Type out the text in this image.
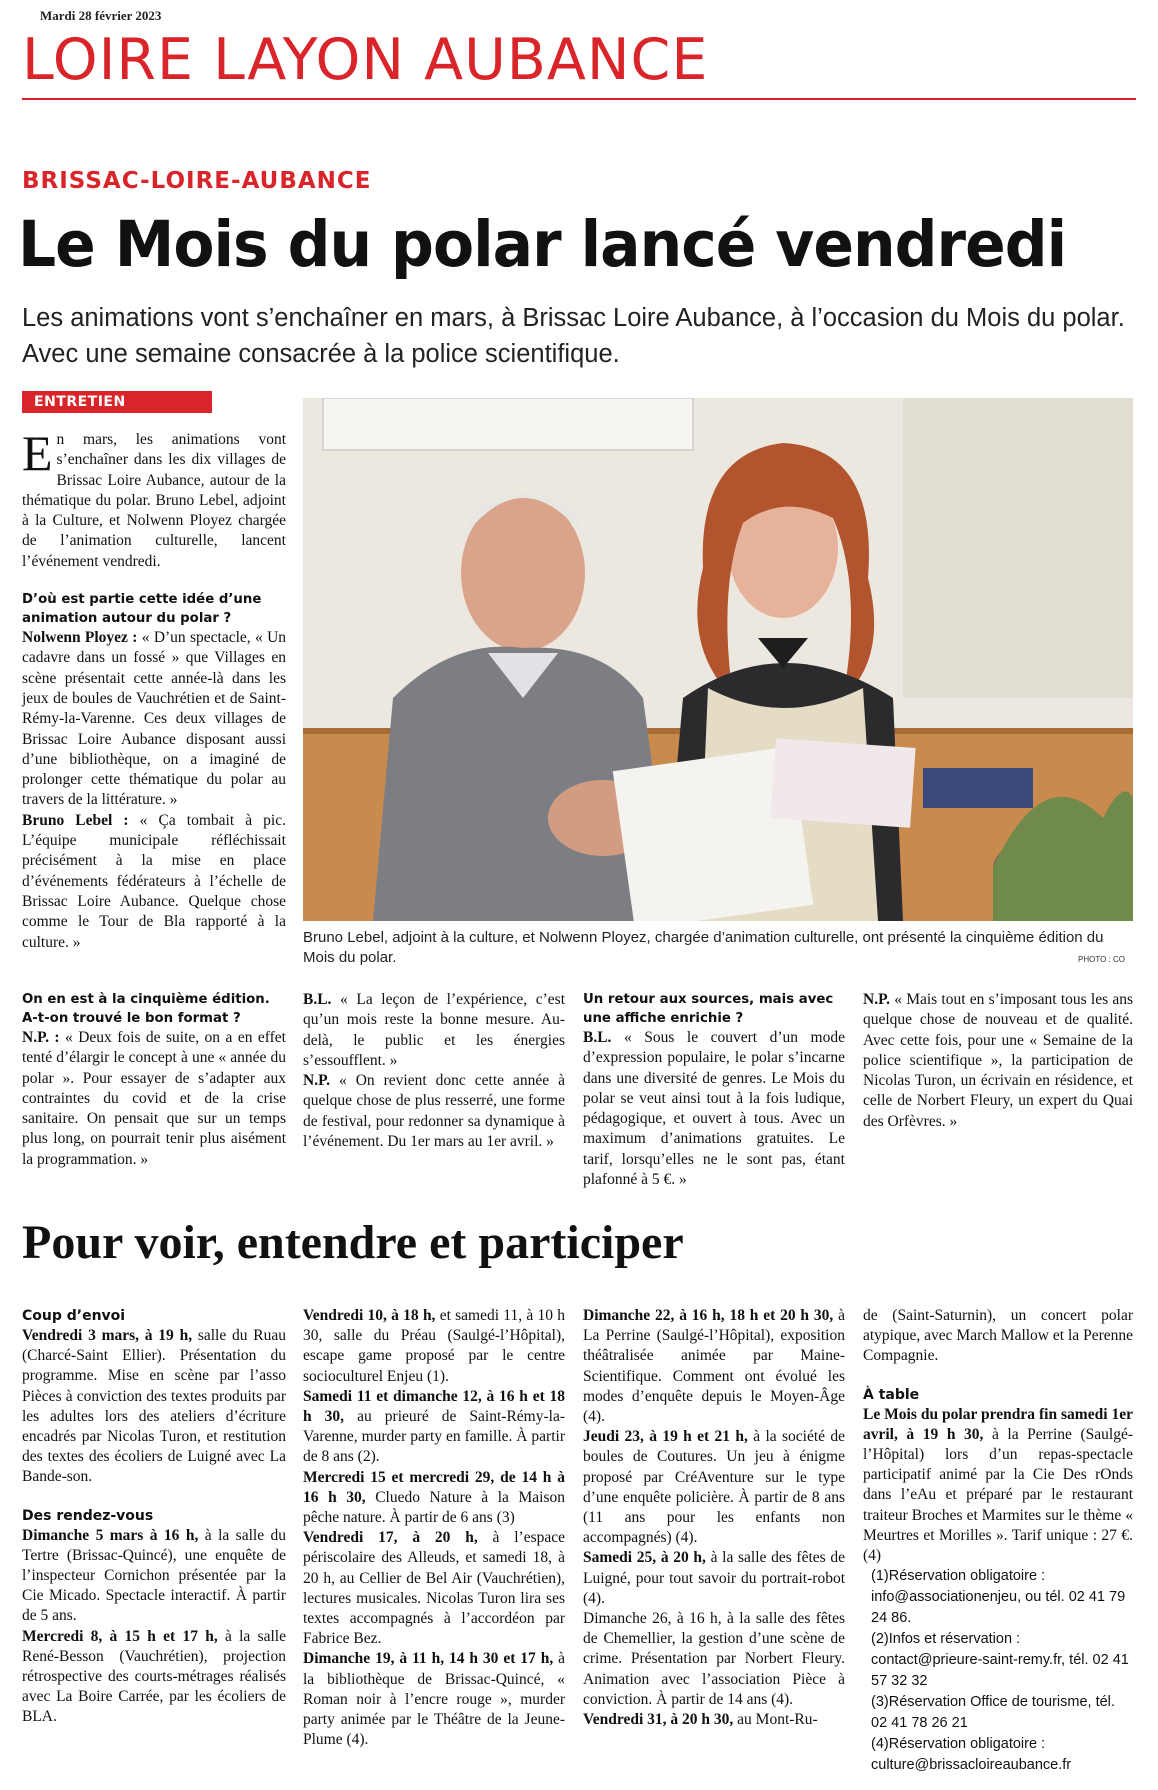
Mardi 28 février 2023
LOIRE LAYON AUBANCE
BRISSAC-LOIRE-AUBANCE
Le Mois du polar lancé vendredi
Les animations vont s’enchaîner en mars, à Brissac Loire Aubance, à l’occasion du Mois du polar. Avec une semaine consacrée à la police scientifique.
ENTRETIEN

En mars, les animations vont s’enchaîner dans les dix villages de Brissac Loire Aubance, autour de la thématique du polar. Bruno Lebel, adjoint à la Culture, et Nolwenn Ployez chargée de l’animation culturelle, lancent l’événement vendredi.

D’où est partie cette idée d’une animation autour du polar ?

Nolwenn Ployez : « D’un spectacle, « Un cadavre dans un fossé » que Villages en scène présentait cette année-là dans les jeux de boules de Vauchrétien et de Saint-Rémy-la-Varenne. Ces deux villages de Brissac Loire Aubance disposant aussi d’une bibliothèque, on a imaginé de prolonger cette thématique du polar au travers de la littérature. »

Bruno Lebel : « Ça tombait à pic. L’équipe municipale réfléchissait précisément à la mise en place d’événements fédérateurs à l’échelle de Brissac Loire Aubance. Quelque chose comme le Tour de Bla rapporté à la culture. »	Bruno Lebel, adjoint à la culture, et Nolwenn Ployez, chargée d’animation culturelle, ont présenté la cinquième édition du Mois du polar.	PHOTO : CO

On en est à la cinquième édition. A-t-on trouvé le bon format ?

N.P. : « Deux fois de suite, on a en effet tenté d’élargir le concept à une « année du polar ». Pour essayer de s’adapter aux contraintes du covid et de la crise sanitaire. On pensait que sur un temps plus long, on pourrait tenir plus aisément la programmation. »

B.L. « La leçon de l’expérience, c’est qu’un mois reste la bonne mesure. Au-delà, le public et les énergies s’essoufflent. »

N.P. « On revient donc cette année à quelque chose de plus resserré, une forme de festival, pour redonner sa dynamique à l’événement. Du 1er mars au 1er avril. »

Un retour aux sources, mais avec une affiche enrichie ?

B.L. « Sous le couvert d’un mode d’expression populaire, le polar s’incarne dans une diversité de genres. Le Mois du polar se veut ainsi tout à la fois ludique, pédagogique, et ouvert à tous. Avec un maximum d’animations gratuites. Le tarif, lorsqu’elles ne le sont pas, étant plafonné à 5 €. »

N.P. « Mais tout en s’imposant tous les ans quelque chose de nouveau et de qualité. Avec cette fois, pour une « Semaine de la police scientifique », la participation de Nicolas Turon, un écrivain en résidence, et celle de Norbert Fleury, un expert du Quai des Orfèvres. »

Pour voir, entendre et participer

Coup d’envoi

Vendredi 3 mars, à 19 h, salle du Ruau (Charcé-Saint Ellier). Présentation du programme. Mise en scène par l’asso Pièces à conviction des textes produits par les adultes lors des ateliers d’écriture encadrés par Nicolas Turon, et restitution des textes des écoliers de Luigné avec La Bande-son.

Des rendez-vous

Dimanche 5 mars à 16 h, à la salle du Tertre (Brissac-Quincé), une enquête de l’inspecteur Cornichon présentée par la Cie Micado. Spectacle interactif. À partir de 5 ans.

Mercredi 8, à 15 h et 17 h, à la salle René-Besson (Vauchrétien), projection rétrospective des courts-métrages réalisés avec La Boire Carrée, par les écoliers de BLA.

Vendredi 10, à 18 h, et samedi 11, à 10 h 30, salle du Préau (Saulgé-l’Hôpital), escape game proposé par le centre socioculturel Enjeu (1).

Samedi 11 et dimanche 12, à 16 h et 18 h 30, au prieuré de Saint-Rémy-la-Varenne, murder party en famille. À partir de 8 ans (2).

Mercredi 15 et mercredi 29, de 14 h à 16 h 30, Cluedo Nature à la Maison pêche nature. À partir de 6 ans (3)

Vendredi 17, à 20 h, à l’espace périscolaire des Alleuds, et samedi 18, à 20 h, au Cellier de Bel Air (Vauchrétien), lectures musicales. Nicolas Turon lira ses textes accompagnés à l’accordéon par Fabrice Bez.

Dimanche 19, à 11 h, 14 h 30 et 17 h, à la bibliothèque de Brissac-Quincé, « Roman noir à l’encre rouge », murder party animée par le Théâtre de la Jeune-Plume (4).

Dimanche 22, à 16 h, 18 h et 20 h 30, à La Perrine (Saulgé-l’Hôpital), exposition théâtralisée animée par Maine-Scientifique. Comment ont évolué les modes d’enquête depuis le Moyen-Âge (4).

Jeudi 23, à 19 h et 21 h, à la société de boules de Coutures. Un jeu à énigme proposé par CréAventure sur le type d’une enquête policière. À partir de 8 ans (11 ans pour les enfants non accompagnés) (4).

Samedi 25, à 20 h, à la salle des fêtes de Luigné, pour tout savoir du portrait-robot (4).

Dimanche 26, à 16 h, à la salle des fêtes de Chemellier, la gestion d’une scène de crime. Présentation par Norbert Fleury. Animation avec l’association Pièce à conviction. À partir de 14 ans (4).

Vendredi 31, à 20 h 30, au Mont-Ru-

de (Saint-Saturnin), un concert polar atypique, avec March Mallow et la Perenne Compagnie.

À table

Le Mois du polar prendra fin samedi 1er avril, à 19 h 30, à la Perrine (Saulgé-l’Hôpital) lors d’un repas-spectacle participatif animé par la Cie Des rOnds dans l’eAu et préparé par le restaurant traiteur Broches et Marmites sur le thème « Meurtres et Morilles ». Tarif unique : 27 €. (4)

(1)Réservation obligatoire : info@associationenjeu, ou tél. 02 41 79 24 86.

(2)Infos et réservation : contact@prieure-saint-remy.fr, tél. 02 41 57 32 32

(3)Réservation Office de tourisme, tél. 02 41 78 26 21

(4)Réservation obligatoire : culture@brissacloireaubance.fr
